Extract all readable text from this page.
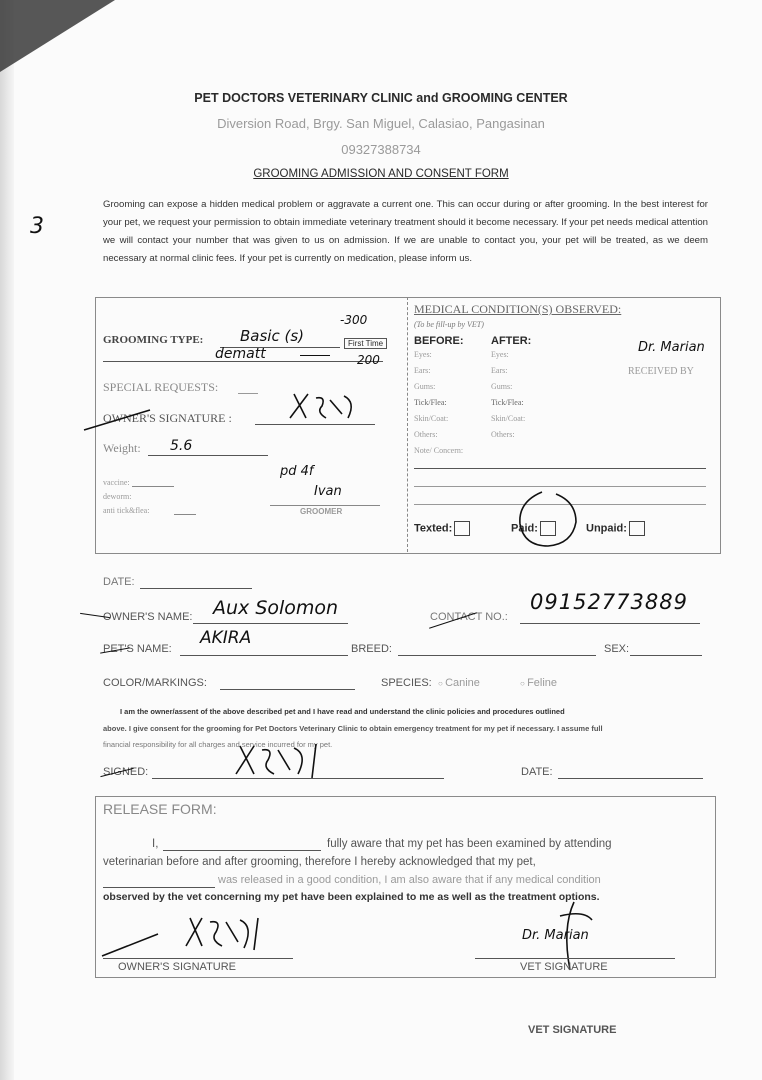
3
PET DOCTORS VETERINARY CLINIC and GROOMING CENTER
Diversion Road, Brgy. San Miguel, Calasiao, Pangasinan
09327388734
GROOMING ADMISSION AND CONSENT FORM
Grooming can expose a hidden medical problem or aggravate a current one. This can occur during or after grooming. In the best interest for your pet, we request your permission to obtain immediate veterinary treatment should it become necessary. If your pet needs medical attention we will contact your number that was given to us on admission. If we are unable to contact you, your pet will be treated, as we deem necessary at normal clinic fees. If your pet is currently on medication, please inform us.
GROOMING TYPE: Basic (s)
-300
First Time
dematt	200
SPECIAL REQUESTS:
OWNER'S SIGNATURE :
Weight: 5.6
vaccine:
deworm:
anti tick&flea:
pd 4f
Ivan
GROOMER
MEDICAL CONDITION(S) OBSERVED:
(To be fill-up by VET)
BEFORE:	AFTER:	Dr. Marian
RECEIVED BY
Eyes:	Eyes:
Ears:	Ears:
Gums:	Gums:
Tick/Flea:	Tick/Flea:
Skin/Coat:	Skin/Coat:
Others:	Others:
Note/ Concern:
Texted:	Paid:	Unpaid:
DATE:
OWNER'S NAME: Aux Solomon	CONTACT NO.:
09152773889
PET'S NAME:
AKIRA
BREED:	SEX:
COLOR/MARKINGS:	SPECIES: ○ Canine	○ Feline
I am the owner/assent of the above described pet and I have read and understand the clinic policies and procedures outlined
above. I give consent for the grooming for Pet Doctors Veterinary Clinic to obtain emergency treatment for my pet if necessary. I assume full
financial responsibility for all charges and service incurred for my pet.
SIGNED:	DATE:
RELEASE FORM:
I,	fully aware that my pet has been examined by attending
veterinarian before and after grooming, therefore I hereby acknowledged that my pet,
was released in a good condition, I am also aware that if any medical condition
observed by the vet concerning my pet have been explained to me as well as the treatment options.
OWNER'S SIGNATURE
Dr. Marian
VET SIGNATURE
VET SIGNATURE
